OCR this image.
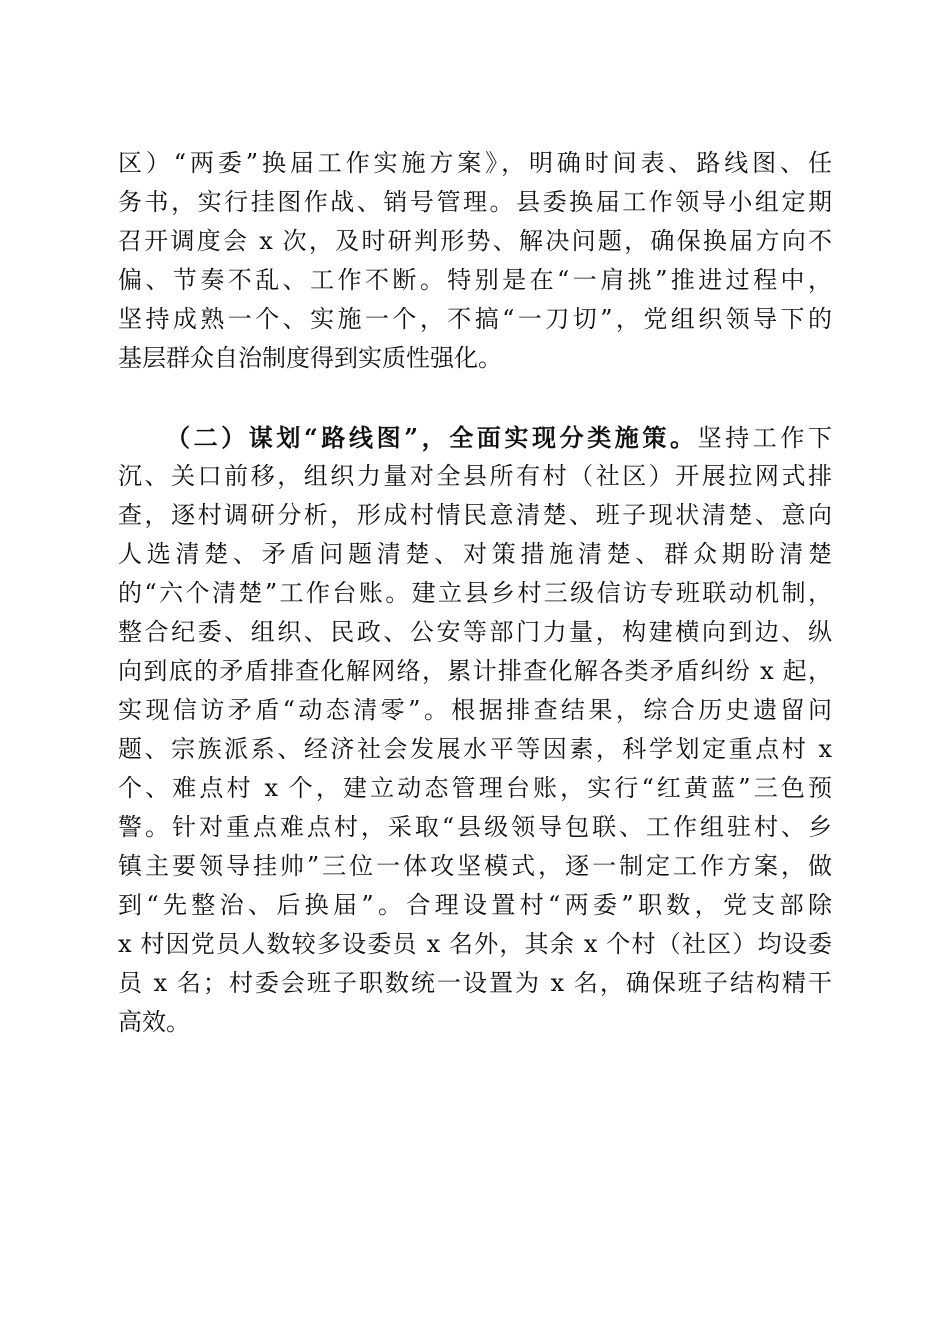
区）“两委”换届工作实施方案》，明确时间表、路线图、任
务书，实行挂图作战、销号管理。县委换届工作领导小组定期
召开调度会 x 次，及时研判形势、解决问题，确保换届方向不
偏、节奏不乱、工作不断。特别是在“一肩挑”推进过程中，
坚持成熟一个、实施一个，不搞“一刀切”，党组织领导下的
基层群众自治制度得到实质性强化。
（二）谋划“路线图”，全面实现分类施策。坚持工作下
沉、关口前移，组织力量对全县所有村（社区）开展拉网式排
查，逐村调研分析，形成村情民意清楚、班子现状清楚、意向
人选清楚、矛盾问题清楚、对策措施清楚、群众期盼清楚
的“六个清楚”工作台账。建立县乡村三级信访专班联动机制，
整合纪委、组织、民政、公安等部门力量，构建横向到边、纵
向到底的矛盾排查化解网络，累计排查化解各类矛盾纠纷 x 起，
实现信访矛盾“动态清零”。根据排查结果，综合历史遗留问
题、宗族派系、经济社会发展水平等因素，科学划定重点村 x
个、难点村 x 个，建立动态管理台账，实行“红黄蓝”三色预
警。针对重点难点村，采取“县级领导包联、工作组驻村、乡
镇主要领导挂帅”三位一体攻坚模式，逐一制定工作方案，做
到“先整治、后换届”。合理设置村“两委”职数，党支部除
x 村因党员人数较多设委员 x 名外，其余 x 个村（社区）均设委
员 x 名；村委会班子职数统一设置为 x 名，确保班子结构精干
高效。
